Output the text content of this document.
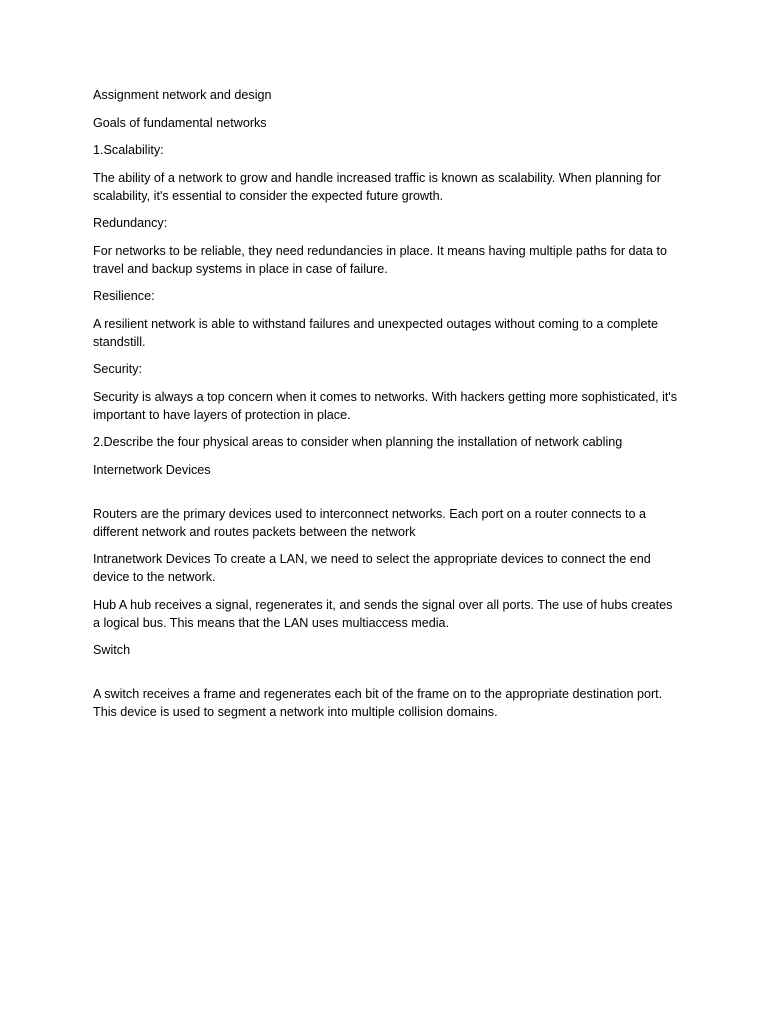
Assignment network and design

Goals of fundamental networks

1.Scalability:

The ability of a network to grow and handle increased traffic is known as scalability. When planning for scalability, it's essential to consider the expected future growth.

Redundancy:

For networks to be reliable, they need redundancies in place. It means having multiple paths for data to travel and backup systems in place in case of failure.

Resilience:

A resilient network is able to withstand failures and unexpected outages without coming to a complete standstill.

Security:

Security is always a top concern when it comes to networks. With hackers getting more sophisticated, it's important to have layers of protection in place.

2.Describe the four physical areas to consider when planning the installation of network cabling

Internetwork Devices

Routers are the primary devices used to interconnect networks. Each port on a router connects to a different network and routes packets between the network

Intranetwork Devices To create a LAN, we need to select the appropriate devices to connect the end device to the network.

Hub A hub receives a signal, regenerates it, and sends the signal over all ports. The use of hubs creates a logical bus. This means that the LAN uses multiaccess media.

Switch

A switch receives a frame and regenerates each bit of the frame on to the appropriate destination port. This device is used to segment a network into multiple collision domains.
